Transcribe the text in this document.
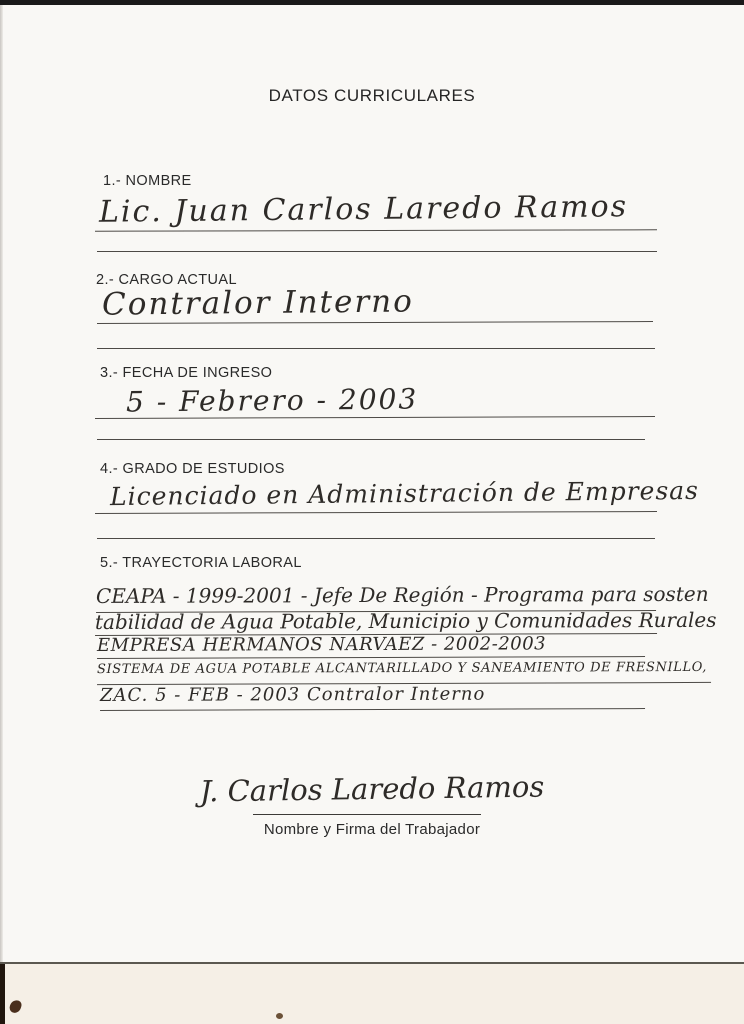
DATOS CURRICULARES
1.- NOMBRE
Lic. Juan Carlos Laredo Ramos
2.- CARGO ACTUAL
Contralor Interno
3.- FECHA DE INGRESO
5 - Febrero - 2003
4.- GRADO DE ESTUDIOS
Licenciado en Administración de Empresas
5.- TRAYECTORIA LABORAL
CEAPA - 1999-2001 - Jefe De Región - Programa para sosten
tabilidad de Agua Potable, Municipio y Comunidades Rurales
EMPRESA HERMANOS NARVAEZ - 2002-2003
SISTEMA DE AGUA POTABLE ALCANTARILLADO Y SANEAMIENTO DE FRESNILLO,
ZAC. 5 - FEB - 2003 Contralor Interno
J. Carlos Laredo Ramos
Nombre y Firma del Trabajador
